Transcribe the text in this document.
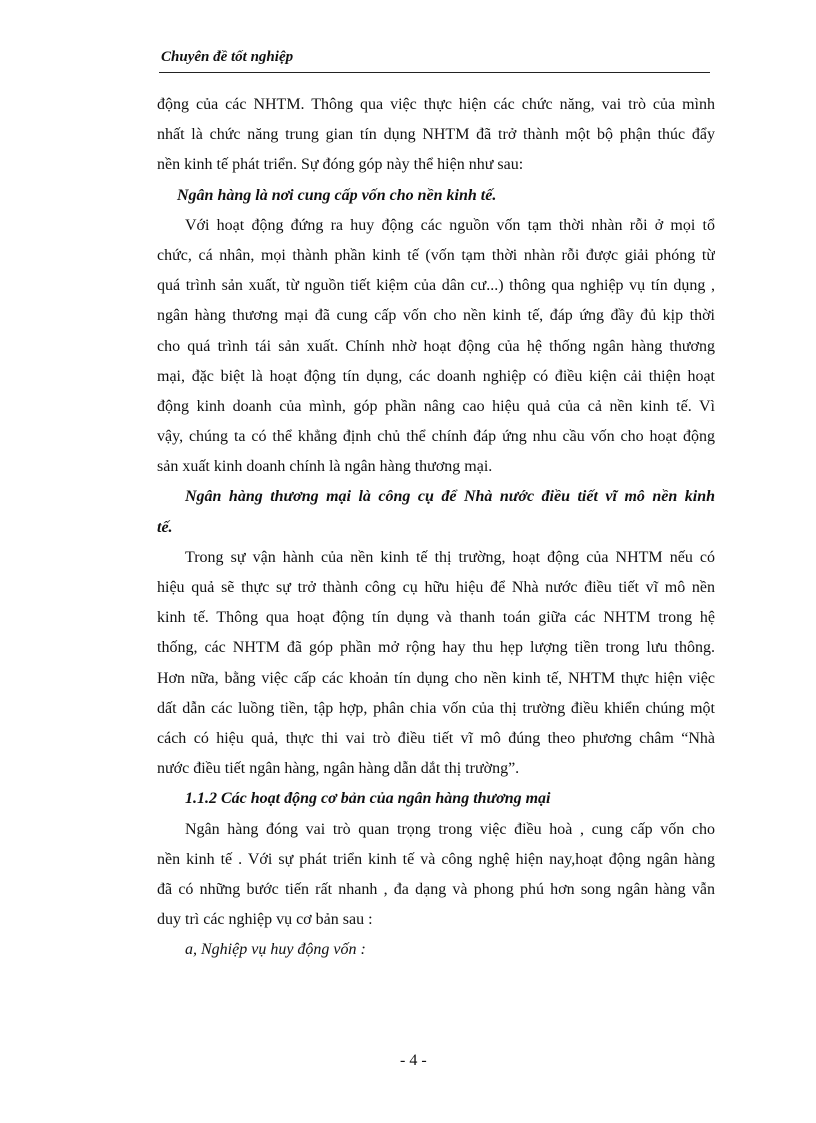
Chuyên đề tốt nghiệp
động của các NHTM. Thông qua việc thực hiện các chức năng, vai trò của mình
nhất là chức năng trung gian tín dụng NHTM đã trở thành một bộ phận thúc đẩy
nền kinh tế phát triển. Sự đóng góp này thể hiện như sau:
Ngân hàng là nơi cung cấp vốn cho nền kinh tế.
Với hoạt động đứng ra huy động các nguồn vốn tạm thời nhàn rỗi ở mọi tổ
chức, cá nhân, mọi thành phần kinh tế (vốn tạm thời nhàn rỗi được giải phóng từ
quá trình sản xuất, từ nguồn tiết kiệm của dân cư...) thông qua nghiệp vụ tín dụng ,
ngân hàng thương mại đã cung cấp vốn cho nền kinh tế, đáp ứng đầy đủ kịp thời
cho quá trình tái sản xuất. Chính nhờ hoạt động của hệ thống ngân hàng thương
mại, đặc biệt là hoạt động tín dụng, các doanh nghiệp có điều kiện cải thiện hoạt
động kinh doanh của mình, góp phần nâng cao hiệu quả của cả nền kinh tế. Vì
vậy, chúng ta có thể khẳng định chủ thể chính đáp ứng nhu cầu vốn cho hoạt động
sản xuất kinh doanh chính là ngân hàng thương mại.
Ngân hàng thương mại là công cụ để Nhà nước điều tiết vĩ mô nền kinh
tế.
Trong sự vận hành của nền kinh tế thị trường, hoạt động của NHTM nếu có
hiệu quả sẽ thực sự trở thành công cụ hữu hiệu để Nhà nước điều tiết vĩ mô nền
kinh tế. Thông qua hoạt động tín dụng và thanh toán giữa các NHTM trong hệ
thống, các NHTM đã góp phần mở rộng hay thu hẹp lượng tiền trong lưu thông.
Hơn nữa, bằng việc cấp các khoản tín dụng cho nền kinh tế, NHTM thực hiện việc
dất dẫn các luồng tiền, tập hợp, phân chia vốn của thị trường điều khiển chúng một
cách có hiệu quả, thực thi vai trò điều tiết vĩ mô đúng theo phương châm “Nhà
nước điều tiết ngân hàng, ngân hàng dẫn dắt thị trường”.
1.1.2 Các hoạt động cơ bản của ngân hàng thương mại
Ngân hàng đóng vai trò quan trọng trong việc điều hoà , cung cấp vốn cho
nền kinh tế . Với sự phát triển kinh tế và công nghệ hiện nay,hoạt động ngân hàng
đã có những bước tiến rất nhanh , đa dạng và phong phú hơn song ngân hàng vẫn
duy trì các nghiệp vụ cơ bản sau :
a, Nghiệp vụ huy động vốn :
- 4 -
